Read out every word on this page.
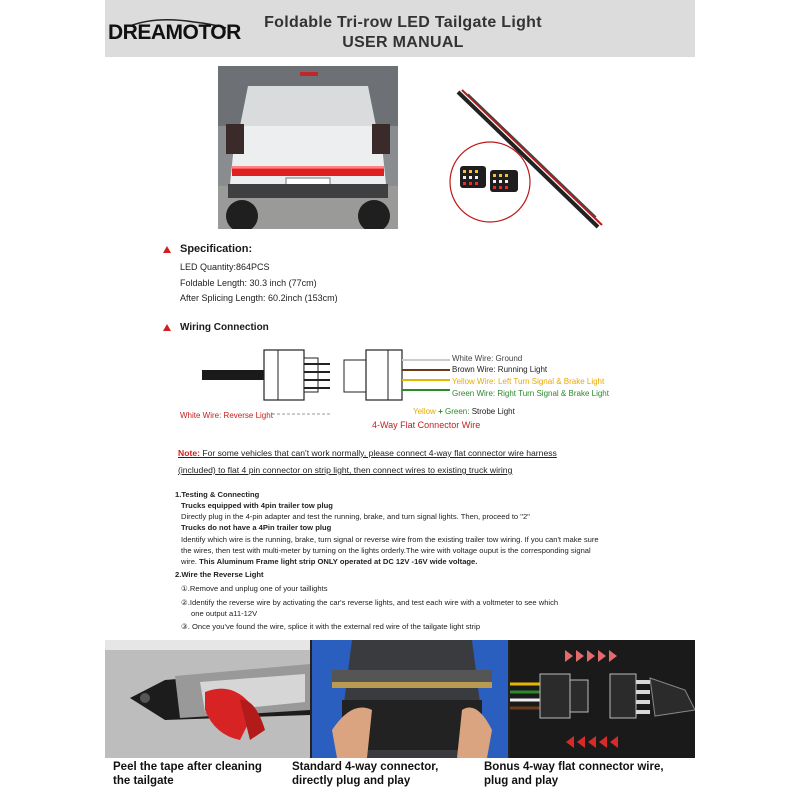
DREAMOTOR	Foldable Tri-row LED Tailgate Light
USER MANUAL
Specification:
LED Quantity:864PCS
Foldable Length: 30.3 inch (77cm)
After Splicing Length: 60.2inch (153cm)
Wiring Connection
White Wire: Ground
Brown Wire: Running Light
Yellow Wire: Left Turn Signal & Brake Light
Green Wire: Right Turn Signal & Brake Light
Yellow + Green: Strobe Light
White Wire: Reverse Light
4-Way Flat Connector Wire
Note: For some vehicles that can't work normally, please connect 4-way flat connector wire harness
(included) to flat 4 pin connector on strip light, then connect wires to existing truck wiring
1.Testing & Connecting
Trucks equipped with 4pin trailer tow plug
Directly plug in the 4-pin adapter and test the running, brake, and turn signal lights. Then, proceed to "2"
Trucks do not have a 4Pin trailer tow plug
Identify which wire is the running, brake, turn signal or reverse wire from the existing trailer tow wiring. If you can't make sure
the wires, then test with multi-meter by turning on the lights orderly.The wire with voltage ouput is the corresponding signal
wire. This Aluminum Frame light strip ONLY operated at DC 12V -16V wide voltage.
2.Wire the Reverse Light
①.Remove and unplug one of your taillights
②.Identify the reverse wire by activating the car's reverse lights, and test each wire with a voltmeter to see which
one output a11-12V
③. Once you've found the wire, splice it with the external red wire of the tailgate light strip
Peel the tape after cleaning
the tailgate
Standard 4-way connector,
directly plug and play
Bonus 4-way flat connector wire,
plug and play
